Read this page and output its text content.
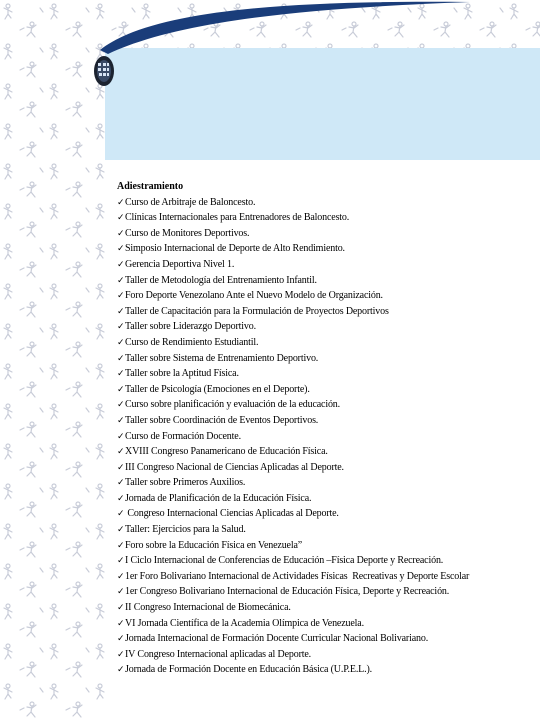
Adiestramiento
✓Curso de Arbitraje de Baloncesto.
✓Clínicas Internacionales para Entrenadores de Baloncesto.
✓Curso de Monitores Deportivos.
✓Simposio Internacional de Deporte de Alto Rendimiento.
✓Gerencia Deportiva Nivel 1.
✓Taller de Metodología del Entrenamiento Infantil.
✓Foro Deporte Venezolano Ante el Nuevo Modelo de Organización.
✓Taller de Capacitación para la Formulación de Proyectos Deportivos
✓Taller sobre Liderazgo Deportivo.
✓Curso de Rendimiento Estudiantil.
✓Taller sobre Sistema de Entrenamiento Deportivo.
✓Taller sobre la Aptitud Física.
✓Taller de Psicología (Emociones en el Deporte).
✓Curso sobre planificación y evaluación de la educación.
✓Taller sobre Coordinación de Eventos Deportivos.
✓Curso de Formación Docente.
✓XVIII Congreso Panamericano de Educación Física.
✓III Congreso Nacional de Ciencias Aplicadas al Deporte.
✓Taller sobre Primeros Auxilios.
✓Jornada de Planificación de la Educación Física.
✓ Congreso Internacional Ciencias Aplicadas al Deporte.
✓Taller: Ejercicios para la Salud.
✓Foro sobre la Educación Física en Venezuela”
✓I Ciclo Internacional de Conferencias de Educación –Física Deporte y Recreación.
✓1er Foro Bolivariano Internacional de Actividades Físicas  Recreativas y Deporte Escolar
✓1er Congreso Bolivariano Internacional de Educación Física, Deporte y Recreación.
✓II Congreso Internacional de Biomecánica.
✓VI Jornada Científica de la Academia Olímpica de Venezuela.
✓Jornada Internacional de Formación Docente Curricular Nacional Bolivariano.
✓IV Congreso Internacional aplicadas al Deporte.
✓Jornada de Formación Docente en Educación Básica (U.P.E.L.).
